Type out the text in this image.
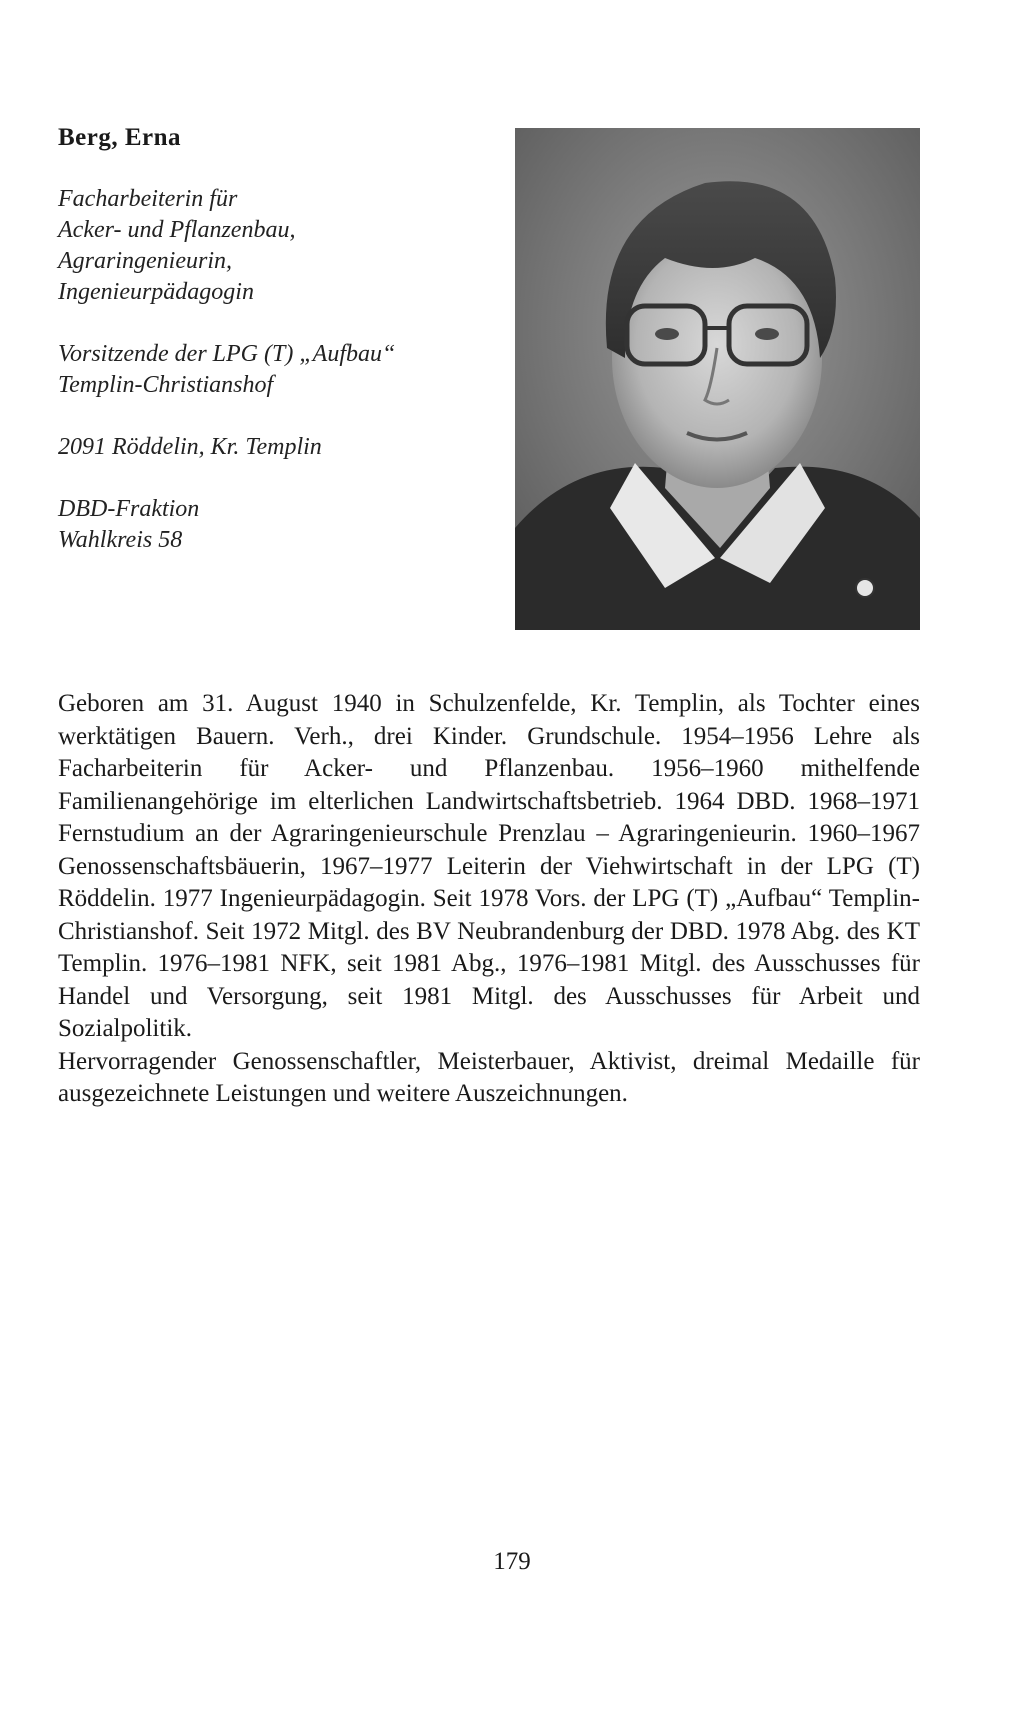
Berg, Erna
Facharbeiterin für
Acker- und Pflanzenbau,
Agraringenieurin,
Ingenieurpädagogin
Vorsitzende der LPG (T) „Aufbau“
Templin-Christianshof
2091 Röddelin, Kr. Templin
DBD-Fraktion
Wahlkreis 58

Geboren am 31. August 1940 in Schulzenfelde, Kr. Templin, als Tochter eines werktätigen Bauern. Verh., drei Kinder. Grundschule. 1954–1956 Lehre als Facharbeiterin für Acker- und Pflanzenbau. 1956–1960 mithelfende Familienangehörige im elterlichen Landwirtschaftsbetrieb. 1964 DBD. 1968–1971 Fernstudium an der Agraringenieurschule Prenzlau – Agraringenieurin. 1960–1967 Genossenschaftsbäuerin, 1967–1977 Leiterin der Viehwirtschaft in der LPG (T) Röddelin. 1977 Ingenieurpädagogin. Seit 1978 Vors. der LPG (T) „Aufbau“ Templin-Christianshof. Seit 1972 Mitgl. des BV Neubrandenburg der DBD. 1978 Abg. des KT Templin. 1976–1981 NFK, seit 1981 Abg., 1976–1981 Mitgl. des Ausschusses für Handel und Versorgung, seit 1981 Mitgl. des Ausschusses für Arbeit und Sozialpolitik.

Hervorragender Genossenschaftler, Meisterbauer, Aktivist, dreimal Medaille für ausgezeichnete Leistungen und weitere Auszeichnungen.

179
